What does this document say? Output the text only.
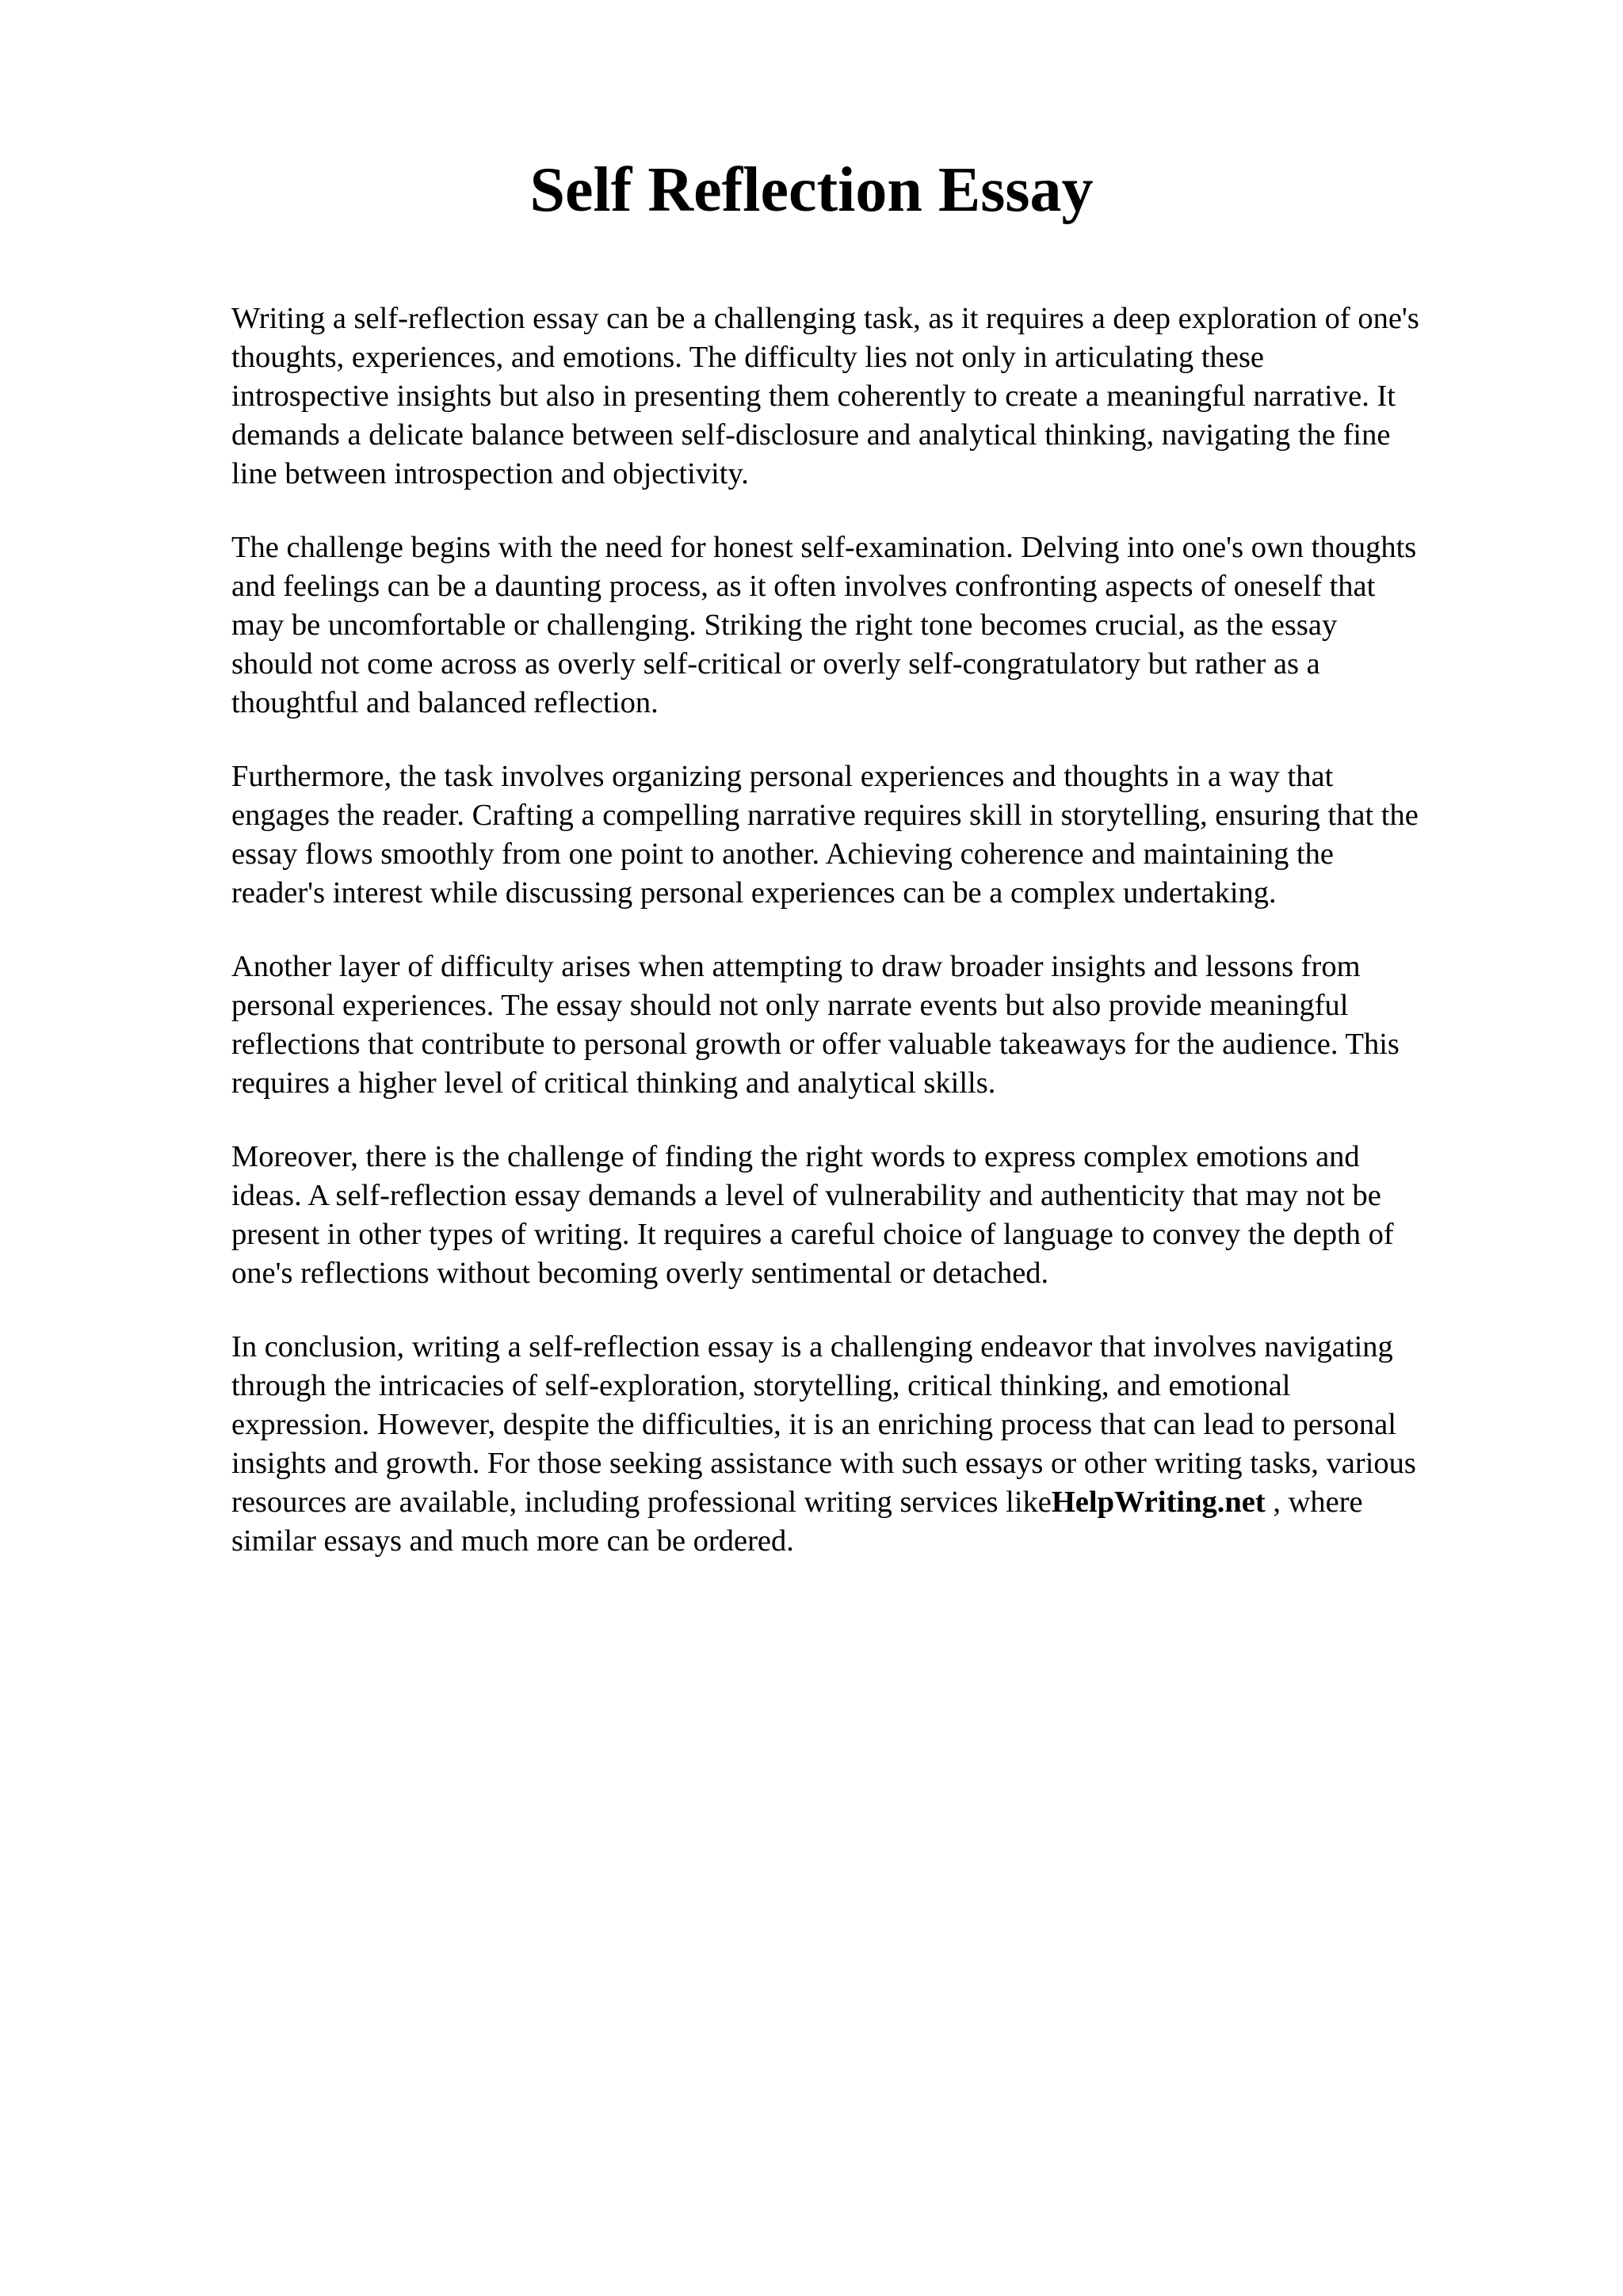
Self Reflection Essay

Writing a self-reflection essay can be a challenging task, as it requires a deep exploration of one's
thoughts, experiences, and emotions. The difficulty lies not only in articulating these
introspective insights but also in presenting them coherently to create a meaningful narrative. It
demands a delicate balance between self-disclosure and analytical thinking, navigating the fine
line between introspection and objectivity.

The challenge begins with the need for honest self-examination. Delving into one's own thoughts
and feelings can be a daunting process, as it often involves confronting aspects of oneself that
may be uncomfortable or challenging. Striking the right tone becomes crucial, as the essay
should not come across as overly self-critical or overly self-congratulatory but rather as a
thoughtful and balanced reflection.

Furthermore, the task involves organizing personal experiences and thoughts in a way that
engages the reader. Crafting a compelling narrative requires skill in storytelling, ensuring that the
essay flows smoothly from one point to another. Achieving coherence and maintaining the
reader's interest while discussing personal experiences can be a complex undertaking.

Another layer of difficulty arises when attempting to draw broader insights and lessons from
personal experiences. The essay should not only narrate events but also provide meaningful
reflections that contribute to personal growth or offer valuable takeaways for the audience. This
requires a higher level of critical thinking and analytical skills.

Moreover, there is the challenge of finding the right words to express complex emotions and
ideas. A self-reflection essay demands a level of vulnerability and authenticity that may not be
present in other types of writing. It requires a careful choice of language to convey the depth of
one's reflections without becoming overly sentimental or detached.

In conclusion, writing a self-reflection essay is a challenging endeavor that involves navigating
through the intricacies of self-exploration, storytelling, critical thinking, and emotional
expression. However, despite the difficulties, it is an enriching process that can lead to personal
insights and growth. For those seeking assistance with such essays or other writing tasks, various
resources are available, including professional writing services likeHelpWriting.net , where
similar essays and much more can be ordered.
